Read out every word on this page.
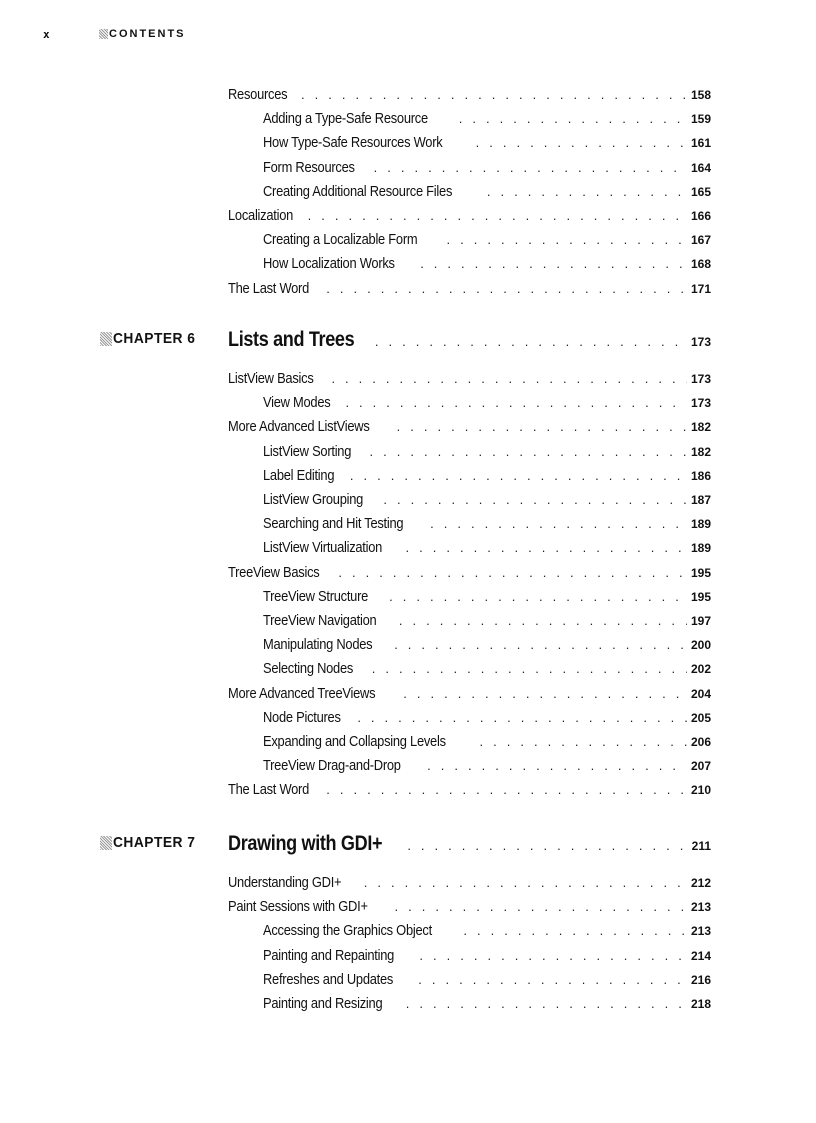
x	CONTENTS
Resources . . .	158
Adding a Type-Safe Resource . . .	159
How Type-Safe Resources Work . . .	161
Form Resources . . .	164
Creating Additional Resource Files . . .	165
Localization . . .	166
Creating a Localizable Form . . .	167
How Localization Works . . .	168
The Last Word . . .	171
CHAPTER 6 Lists and Trees . . .	173
ListView Basics . . .	173
View Modes . . .	173
More Advanced ListViews . . .	182
ListView Sorting . . .	182
Label Editing . . .	186
ListView Grouping . . .	187
Searching and Hit Testing . . .	189
ListView Virtualization . . .	189
TreeView Basics . . .	195
TreeView Structure . . .	195
TreeView Navigation . . .	197
Manipulating Nodes . . .	200
Selecting Nodes . . .	202
More Advanced TreeViews . . .	204
Node Pictures . . .	205
Expanding and Collapsing Levels . . .	206
TreeView Drag-and-Drop . . .	207
The Last Word . . .	210
CHAPTER 7 Drawing with GDI+ . . .	211
Understanding GDI+ . . .	212
Paint Sessions with GDI+ . . .	213
Accessing the Graphics Object . . .	213
Painting and Repainting . . .	214
Refreshes and Updates . . .	216
Painting and Resizing . . .	218
